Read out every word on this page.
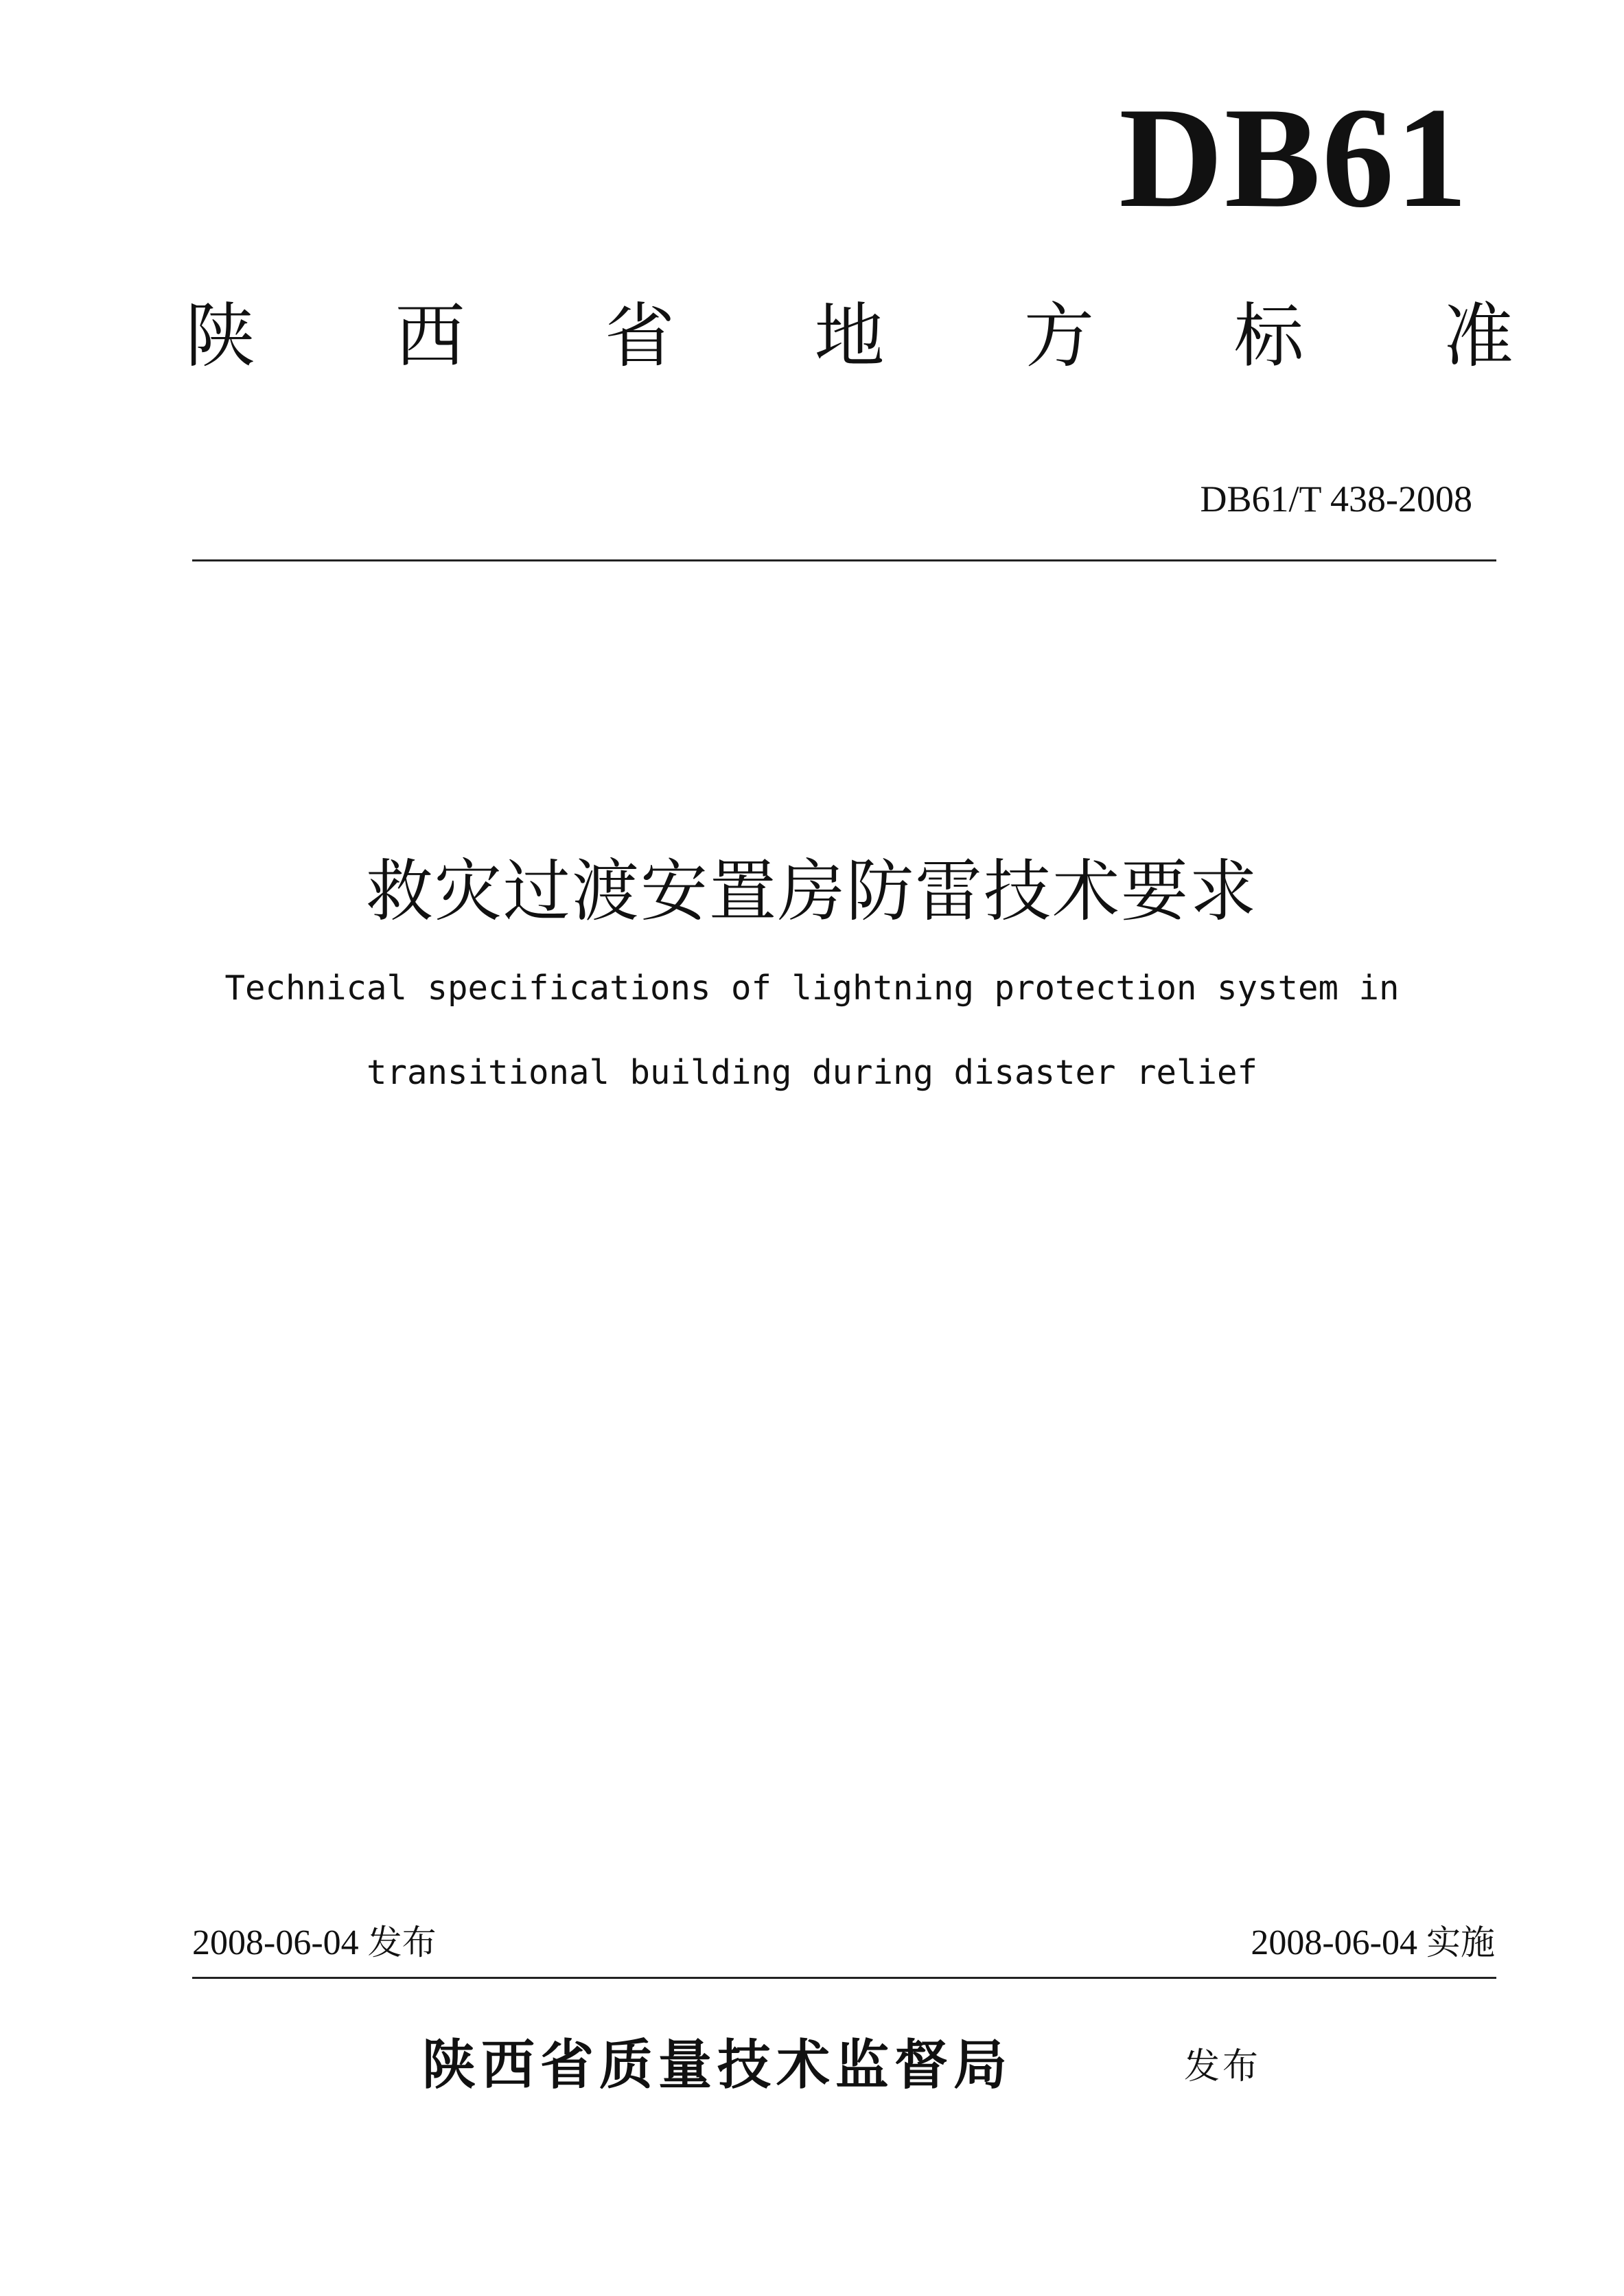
DB61
陕 西 省 地 方 标 准
DB61/T 438-2008
救灾过渡安置房防雷技术要求
Technical specifications of lightning protection system in
transitional building during disaster relief
2008-06-04 发布	2008-06-04 实施
陕西省质量技术监督局	发布
